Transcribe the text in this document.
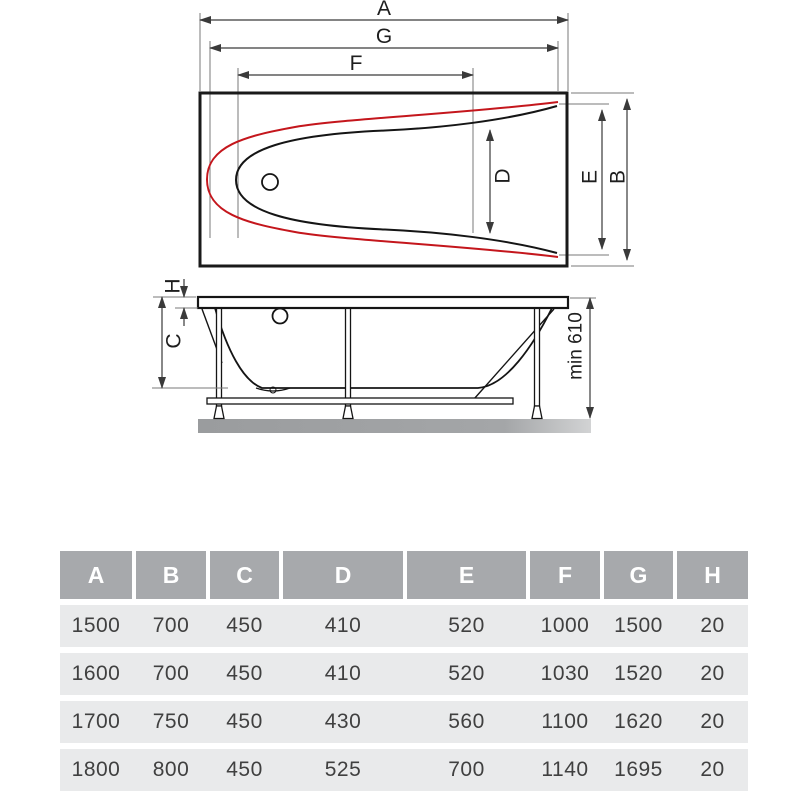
A
G
F
B
E
D
H
C	min 610
A	B	C	D	E	F	G	H
1500	700	450	410	520	1000	1500	20
1600	700	450	410	520	1030	1520	20
1700	750	450	430	560	1100	1620	20
1800	800	450	525	700	1140	1695	20
